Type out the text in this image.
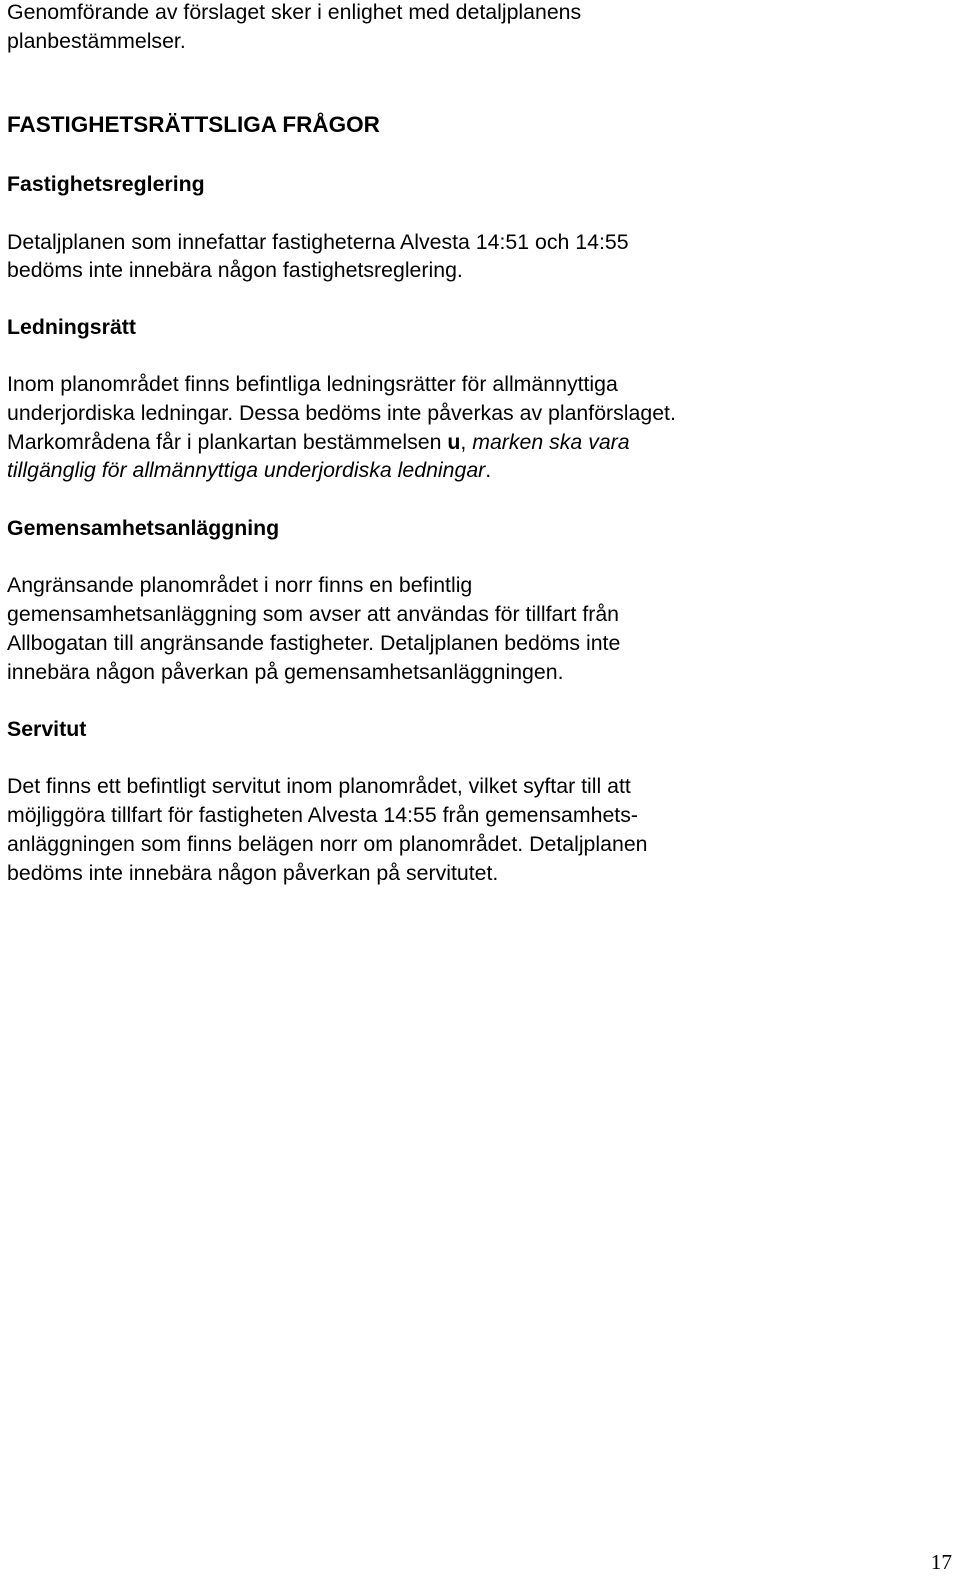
Genomförande av förslaget sker i enlighet med detaljplanens
planbestämmelser.
FASTIGHETSRÄTTSLIGA FRÅGOR
Fastighetsreglering
Detaljplanen som innefattar fastigheterna Alvesta 14:51 och 14:55
bedöms inte innebära någon fastighetsreglering.
Ledningsrätt
Inom planområdet finns befintliga ledningsrätter för allmännyttiga
underjordiska ledningar. Dessa bedöms inte påverkas av planförslaget.
Markområdena får i plankartan bestämmelsen u, marken ska vara
tillgänglig för allmännyttiga underjordiska ledningar.
Gemensamhetsanläggning
Angränsande planområdet i norr finns en befintlig
gemensamhetsanläggning som avser att användas för tillfart från
Allbogatan till angränsande fastigheter. Detaljplanen bedöms inte
innebära någon påverkan på gemensamhetsanläggningen.
Servitut
Det finns ett befintligt servitut inom planområdet, vilket syftar till att
möjliggöra tillfart för fastigheten Alvesta 14:55 från gemensamhets-
anläggningen som finns belägen norr om planområdet. Detaljplanen
bedöms inte innebära någon påverkan på servitutet.
17
